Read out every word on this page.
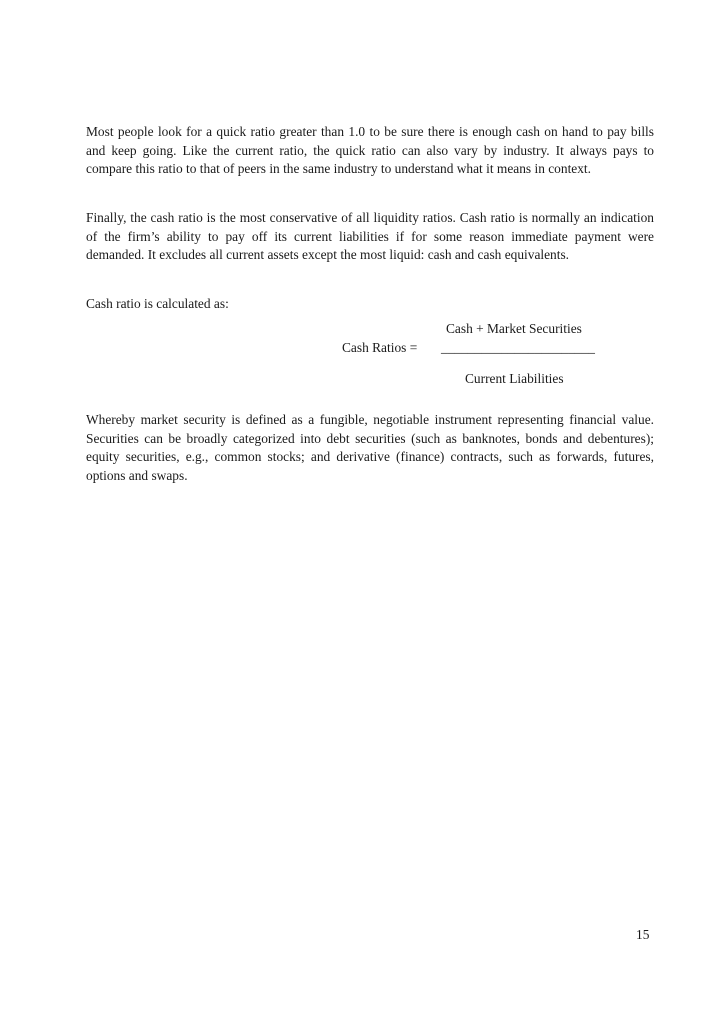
Most people look for a quick ratio greater than 1.0 to be sure there is enough cash on hand to pay bills and keep going. Like the current ratio, the quick ratio can also vary by industry. It always pays to compare this ratio to that of peers in the same industry to understand what it means in context.

Finally, the cash ratio is the most conservative of all liquidity ratios. Cash ratio is normally an indication of the firm’s ability to pay off its current liabilities if for some reason immediate payment were demanded. It excludes all current assets except the most liquid: cash and cash equivalents.

Cash ratio is calculated as:

Cash + Market Securities
Cash Ratios = _______________________
Current Liabilities

Whereby market security is defined as a fungible, negotiable instrument representing financial value. Securities can be broadly categorized into debt securities (such as banknotes, bonds and debentures); equity securities, e.g., common stocks; and derivative (finance) contracts, such as forwards, futures, options and swaps.

15
